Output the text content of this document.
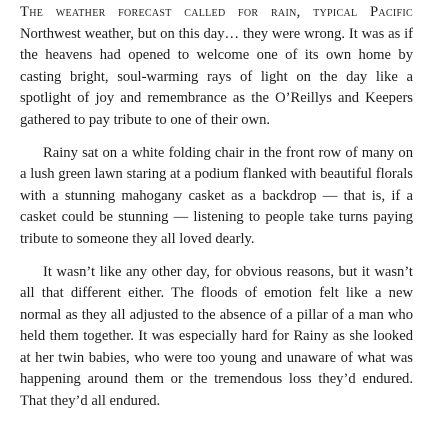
The weather forecast called for rain, typical Pacific Northwest weather, but on this day… they were wrong. It was as if the heavens had opened to welcome one of its own home by casting bright, soul-warming rays of light on the day like a spotlight of joy and remembrance as the O’Reillys and Keepers gathered to pay tribute to one of their own.

Rainy sat on a white folding chair in the front row of many on a lush green lawn staring at a podium flanked with beautiful florals with a stunning mahogany casket as a backdrop — that is, if a casket could be stunning — listening to people take turns paying tribute to someone they all loved dearly.

It wasn’t like any other day, for obvious reasons, but it wasn’t all that different either. The floods of emotion felt like a new normal as they all adjusted to the absence of a pillar of a man who held them together. It was especially hard for Rainy as she looked at her twin babies, who were too young and unaware of what was happening around them or the tremendous loss they’d endured. That they’d all endured.
